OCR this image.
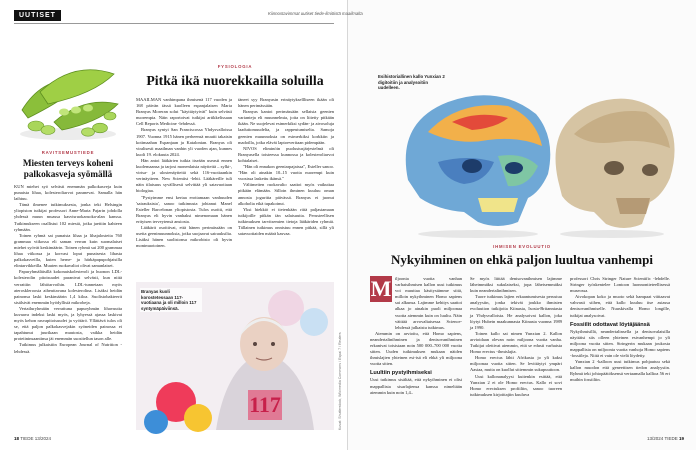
UUTISET
RAVITSEMUSTIEDE
Miesten terveys koheni palkokasveja syömällä

KUN miehet syö selvästi enemmän palkokasveja kuin punaista lihaa, kolesteroliarvot paranevat. Samalla hän laihtuu.

Tämä ilmenee tutkimuksesta, jonka teki Helsingin yliopiston tutkijat professori Anne-Maria Pajarin johdolla yhdessä muun muassa kasvisruokaruoka-alan kanssa. Tutkimukseen osallistui 102 miestä, jotka jaettiin kahteen ryhmään.

Toinen ryhmä sai punaista lihaa ja lihajalosteita 760 grammaa viikossa eli saman verran kuin suomalaiset miehet syövät keskimäärin. Toinen ryhmä sai 200 grammaa lihaa viikossa ja korvasi loput punaisesta lihasta palkokasveilla, kuten herne- ja härkäpapupohjaisilla elintarvikkeilla. Muuten ruokavaliot olivat samanlaiset.

Papuryhmäläisillä kokonaiskolesteroli ja huonon LDL-kolesterolin pitoisuudet paranivat selvästi, kun niitä verrattiin lähtöarvoihin. LDL-tunnetaan myös ateroskleroosia aiheuttavana kolesterolina. Lisäksi heidän painonsa laski keskimäärin 1,4 kiloa. Suolistobakteerit sisälsivät enemmän hyödyllisiä mikrobeja.

Vertailuryhmään verrattuna papuryhmän lihavuutta kuvaava indeksi laski myös, ja lyhyessä ajassa laskivat myös kehon rasvapitoisuudet ja vyötärö. Yllättävä tulos oli se, että paljon palkokasvejakin syöneiden painossa ei tapahtunut juurikaan muutosta, vaikka heidän proteiininsaantinsa jäi enemmän suositellun tason alle.

Tutkimus julkaistiin European Journal of Nutrition -lehdessä.

FYSIOLOGIA
Pitkä ikä nuorekkailla soluilla

MAAILMAN vanhimpana ihmisenä 117 vuoden ja 168 päivän iässä kuolleen espanjalaisen Maria Branyas Moreran solut "käyttäytyivät" kuin selvästi nuorempia. Näin raportoivat tutkijat artikkelissaan Cell Reports Medicine -lehdessä.

Branyas syntyi San Franciscossa Yhdysvalloissa 1907. Vuonna 1915 hänen perheensä muutti takaisin kotimaahan Espanjaan ja Katalonian. Branyas oli viralisesti maailman vanhin yli vuoden ajan, kunnes kuoli 19. elokuuta 2024.

Hän antoi lääkärien tutkia itseään useasti ennen kuolemaansa ja tarjosi monenlaisia näytteitä – sylki-, virtsa- ja ulostenäytteitä sekä 116-vuotiaankin verinäytteen. New Scientist -lehti. Lääkäreille tuli näin tilaisuus syvällisesti selvittää yli satavuotiaan biologiaa.

"Pystyimme ensi kertaa erottamaan vanhuuden 'sairauksista', sanoo tutkimusta johtanut Manel Esteller Barcelonan yliopistosta. Tulos osoitti, että Branyas eli hyvin vanhaksi nimenomaan hänen erityisen terveytensä ansiosta.

Lääkärit osoittivat, että hänen perimässään on useita geenimuunnoksia, jotka suojaavat sairauksilta. Lisäksi hänen suolistonsa mikrobisto oli hyvin monimuotoinen.

täneet syy Branyasin erinäytyksellliseen ikään oli hänen perimässään.

Branyas kantoi perimässään sellaisia geenien varianteja eli muunnelmia, joita on liitetty pitkään ikään. Ne suojelevat esimerkiksi sydän- ja aivosoluja laaduttomuudelta, ja rappeutumiselta. Samoja geenien muunnoksia on esimerkiksi korkkiin ja madoilla, jotka elävät laptoeveritaan pidempään.

NIVOS eliminöin puolustusjärjestelmä oli Branyasella toisteessa kunnossa ja kolesteroliarvot kohtalaiset.

"Hän oli ennakon geeniarpajaissa", Esteller sanoo. "Hän oli ainakin 10–15 vuotta nuorempi kuin vuosissa laskettu ikänsä."

Väliimeiten ruokavalio saattoi myös vaikuttaa pitkään elämään. Silloin ihminen kuuluu oman annosta joguritta päivässä. Branyas ei juonut alkoholia eikä tupakoinut.

Yksi hiekkiö ei tietenkään riitä paljastamaan tutkijoille pitkän iän salaisuutta. Perusteellisen tutkimuksen tarvitsemien tietoja lääkäriden ryhmiä. Tällainen tutkimus onnistuu ennen pitkää, sillä yli satavuotiaiden määrä kasvaa.

117
Branyas kuoli korostetessaan 117-vuotiaana ja oli milloin 117 syntymäpäiviinsä.
Kuvat: Shutterstock, Wikimedia Commons / Espai 7 / Reuters
18 TIEDE 13/2024
Kiinnostavimmat uutiset tiede-ilmiöistä maailmalta
Esihistoriallinen kallo Yunxian 2 digitoitiin ja analysoitiin uudelleen.
IHMISEN EVOLUUTIO
Nykyihminen on ehkä paljon luultua vanhempi
iljoonia vuotta vanhan varhaisihmisen kallon uusi tutkimus voi muuttaa käsitystämme siitä, milloin nykyihminen Homo sapiens sai alkunsa. Lajimme kehitys saattoi alkaa jo ainakin puoli miljoonaa vuotta aiemmin kuin on luultu. Näin väittää arvovaltaisessa Science-lehdessä julkaistu tutkimus.

Aiemmin on arvioitu, että Homo sapiens, neandertalinihminen ja denisovanihminen erkanivat toisistaan noin 500 000–700 000 vuotta sitten. Uuden tutkimuksen mukaan näiden ihmislajien yhteinen esi-isä eli ehkä yli miljoona vuotta sitten.

Luultiin pystyihmiseksi

Uusi tutkimus sisältää, että nykyihminen ei olisi mappallista sisarlajiensa kanssa nimeltään aiemmin kuin noin 1,4–

M	Se myös liittää denisovanihmisen lajimme läheimmäksi sukulaiseksi, jopa läheisemmäksi kuin neandertalinihmisen.

Tuore tutkimus lajien erkaantumisesta perustuu analyysiin, jonka tekivät joukko ihmisten evoluution tutkijoita Kiinasta, Isosta-Britanniasta ja Yhdysvalloista. He analysoivat kallon, joka löytyi Hubein maakunnasta Kiinasta vuonna 1989 ja 1990.

Toinen kallo sai nimen Yunxian 2. Kallon arvioidaan olevan noin miljoona vuotta vanha. Tutkijat olettivat aiemmin, että se edusti varhaista Homo erectus -ihmislajia.

Homo erectus lähti Afrikasta jo yli kaksi miljoonaa vuotta sitten. Se levittäytyi ympäri Aasiaa, mutta on kuollut sittemmin sukupuuttoon.

Uusi kallonanalyysi kuitenkin esittää, että Yunxian 2 ei ole Homo erectus. Kallo ei sovi Homo erectuksen profiiliin, sanoo tuoreen tutkimuksen kirjoittajiin kuuluva

professori Chris Stringer Nature Scientific -lehdelle. Stringer työskentelee Lontoon luonnontieteellisessä museossa.

Aivokopan koko ja muoto sekä hampaat viittaavat vahvasti siihen, että kallo kuuluu itse asiassa denisovanihmiselle. Nuuskivalla Homo longille, tutkijat analysoivat.

Fossiilit odottavat löytäjäänsä

Nykyihmisillä, neandertalinsella ja denisovalaisilla näyttäisi siis olleen yhteinen esivanhempi jo yli miljoona vuotta sitten. Stringerin mukaan joukosta mappallisia on miljoonia vuotta vanhoja Homo sapiens -fossiileja. Niitä ei vain ole vielä löydetty.

Yunxian 2 -kalloon uusi tutkimus pohjautuu sekä kallon muodon että geneettisen tiedon analyysiin. Ryhmä teki johtopäätöksensä vertaamalla kallioa 56 eri muihin fossiiliin.

13/2024 TIEDE 19
